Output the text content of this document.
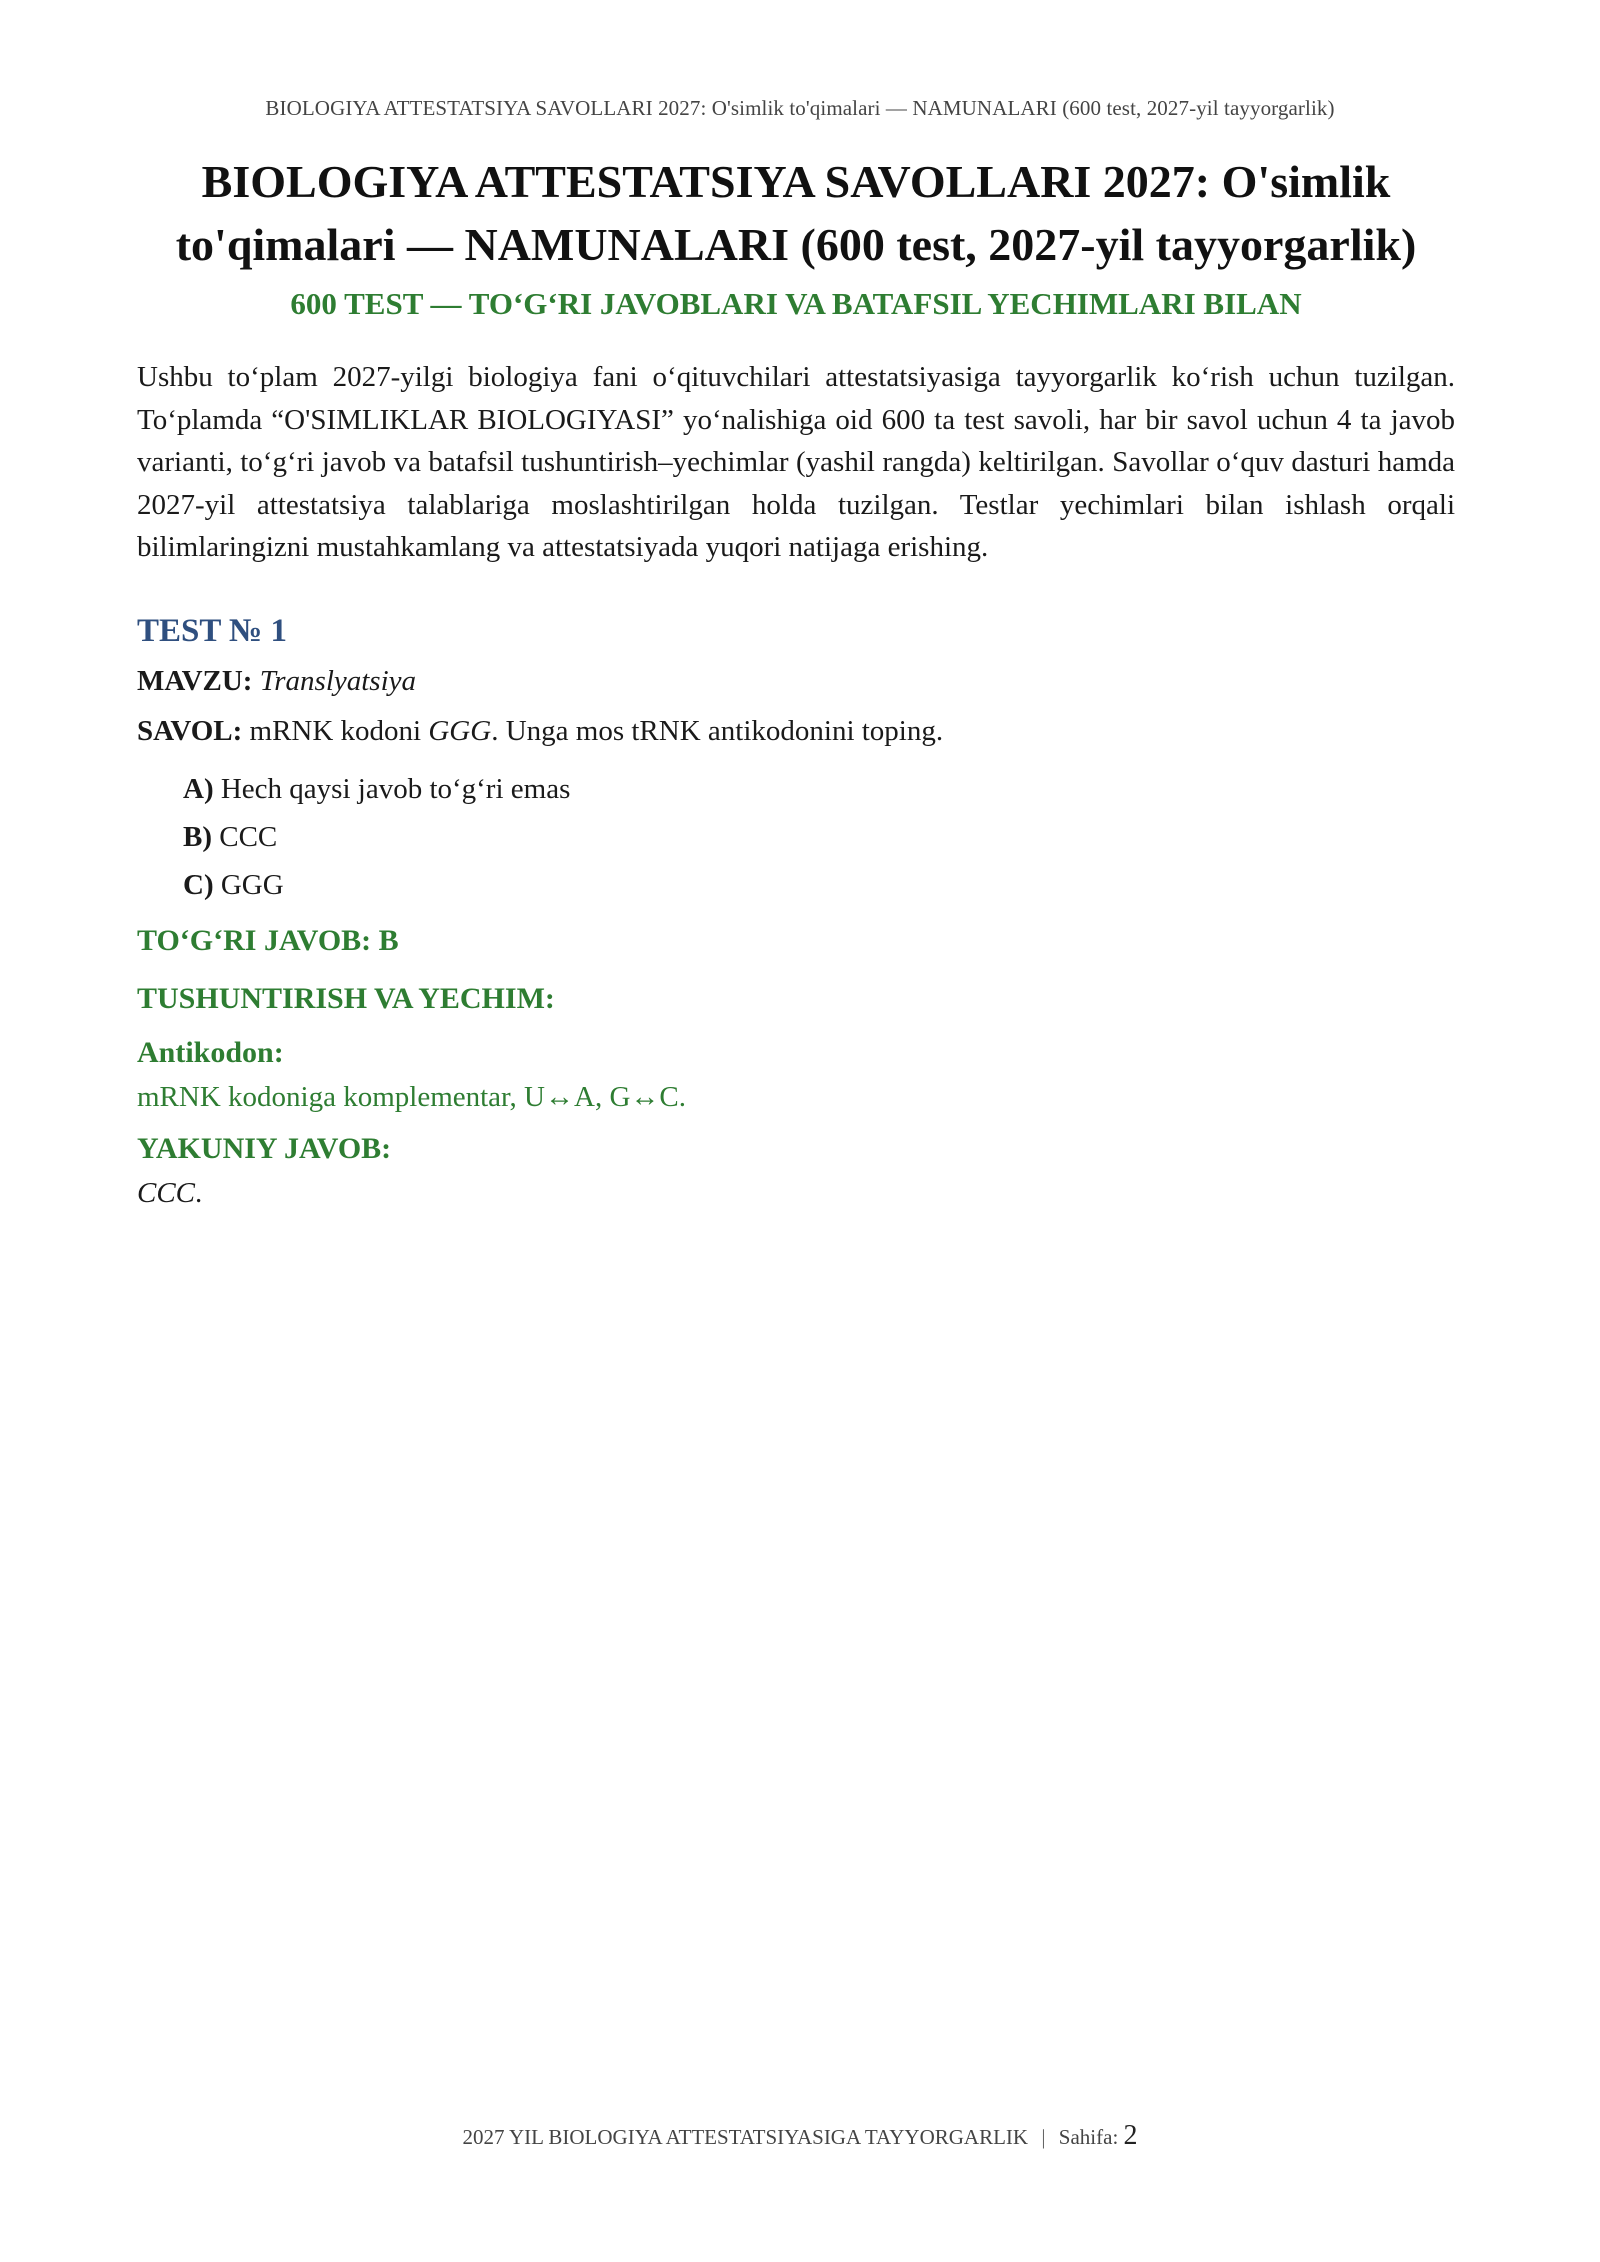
BIOLOGIYA ATTESTATSIYA SAVOLLARI 2027: O'simlik to'qimalari — NAMUNALARI (600 test, 2027-yil tayyorgarlik)
BIOLOGIYA ATTESTATSIYA SAVOLLARI 2027: O'simlik to'qimalari — NAMUNALARI (600 test, 2027-yil tayyorgarlik)
600 TEST — TO‘G‘RI JAVOBLARI VA BATAFSIL YECHIMLARI BILAN

Ushbu to‘plam 2027-yilgi biologiya fani o‘qituvchilari attestatsiyasiga tayyorgarlik ko‘rish uchun tuzilgan. To‘plamda “O'SIMLIKLAR BIOLOGIYASI” yo‘nalishiga oid 600 ta test savoli, har bir savol uchun 4 ta javob varianti, to‘g‘ri javob va batafsil tushuntirish–yechimlar (yashil rangda) keltirilgan. Savollar o‘quv dasturi hamda 2027-yil attestatsiya talablariga moslashtirilgan holda tuzilgan. Testlar yechimlari bilan ishlash orqali bilimlaringizni mustahkamlang va attestatsiyada yuqori natijaga erishing.

TEST № 1
MAVZU: Translyatsiya
SAVOL: mRNK kodoni GGG. Unga mos tRNK antikodonini toping.
A) Hech qaysi javob to‘g‘ri emas
B) CCC
C) GGG
TO‘G‘RI JAVOB: B
TUSHUNTIRISH VA YECHIM:
Antikodon:
mRNK kodoniga komplementar, U↔A, G↔C.
YAKUNIY JAVOB:
CCC.
2027 YIL BIOLOGIYA ATTESTATSIYASIGA TAYYORGARLIK | Sahifa: 2
